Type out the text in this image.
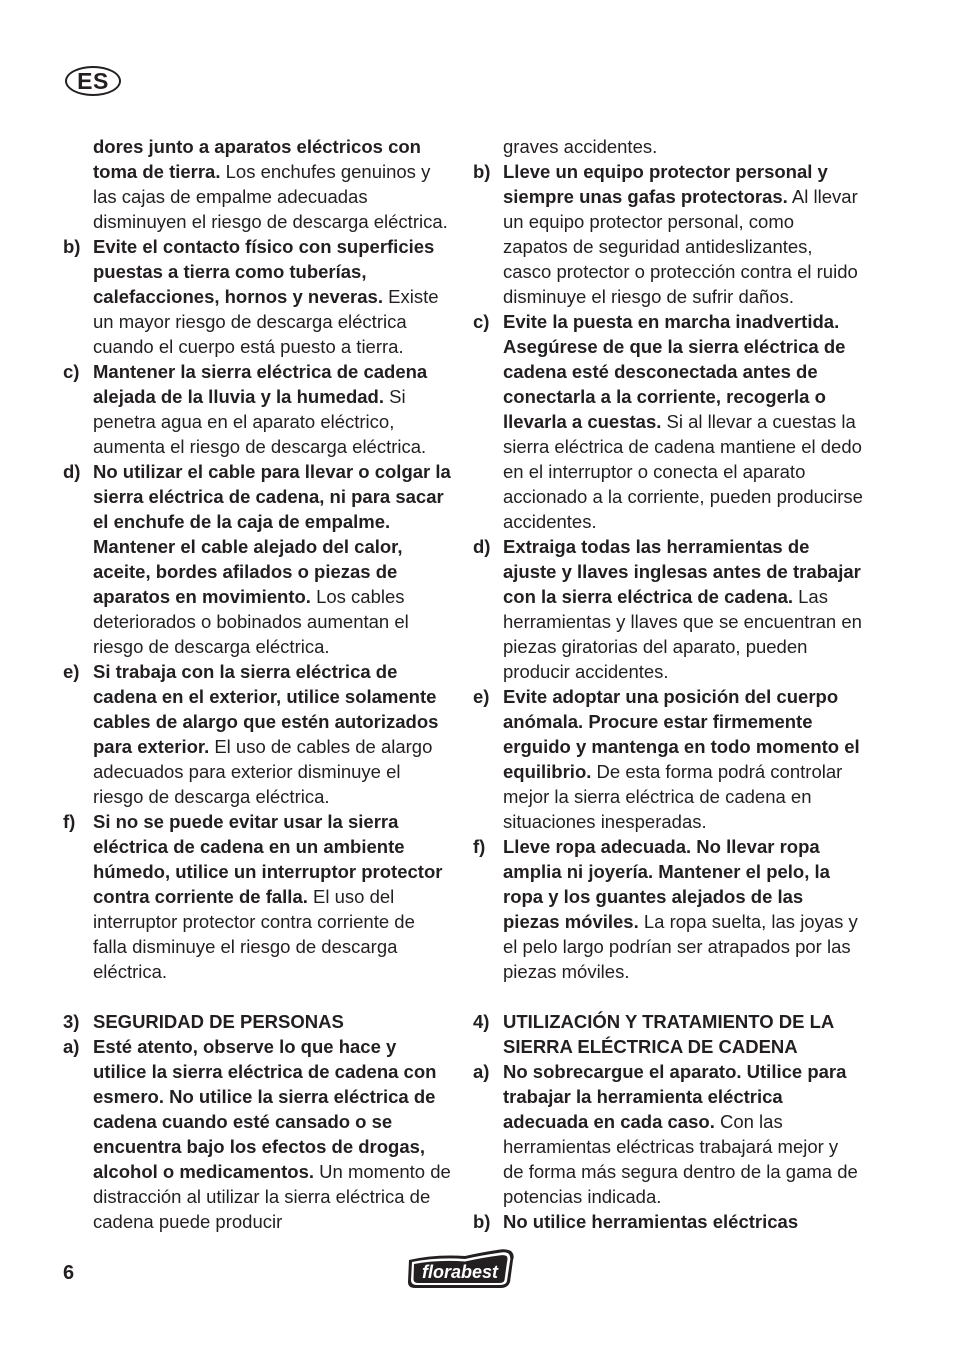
ES
dores junto a aparatos eléctricos con toma de tierra. Los enchufes genuinos y las cajas de empalme adecuadas disminuyen el riesgo de descarga eléctrica.
b) Evite el contacto físico con superficies puestas a tierra como tuberías, calefacciones, hornos y neveras. Existe un mayor riesgo de descarga eléctrica cuando el cuerpo está puesto a tierra.
c) Mantener la sierra eléctrica de cadena alejada de la lluvia y la humedad. Si penetra agua en el aparato eléctrico, aumenta el riesgo de descarga eléctrica.
d) No utilizar el cable para llevar o colgar la sierra eléctrica de cadena, ni para sacar el enchufe de la caja de empalme. Mantener el cable alejado del calor, aceite, bordes afilados o piezas de aparatos en movimiento. Los cables deteriorados o bobinados aumentan el riesgo de descarga eléctrica.
e) Si trabaja con la sierra eléctrica de cadena en el exterior, utilice solamente cables de alargo que estén autorizados para exterior. El uso de cables de alargo adecuados para exterior disminuye el riesgo de descarga eléctrica.
f) Si no se puede evitar usar la sierra eléctrica de cadena en un ambiente húmedo, utilice un interruptor protector contra corriente de falla. El uso del interruptor protector contra corriente de falla disminuye el riesgo de descarga eléctrica.
3) SEGURIDAD DE PERSONAS
a) Esté atento, observe lo que hace y utilice la sierra eléctrica de cadena con esmero. No utilice la sierra eléctrica de cadena cuando esté cansado o se encuentra bajo los efectos de drogas, alcohol o medicamentos. Un momento de distracción al utilizar la sierra eléctrica de cadena puede producir
graves accidentes.
b) Lleve un equipo protector personal y siempre unas gafas protectoras. Al llevar un equipo protector personal, como zapatos de seguridad antideslizantes, casco protector o protección contra el ruido disminuye el riesgo de sufrir daños.
c) Evite la puesta en marcha inadvertida. Asegúrese de que la sierra eléctrica de cadena esté desconectada antes de conectarla a la corriente, recogerla o llevarla a cuestas. Si al llevar a cuestas la sierra eléctrica de cadena mantiene el dedo en el interruptor o conecta el aparato accionado a la corriente, pueden producirse accidentes.
d) Extraiga todas las herramientas de ajuste y llaves inglesas antes de trabajar con la sierra eléctrica de cadena. Las herramientas y llaves que se encuentran en piezas giratorias del aparato, pueden producir accidentes.
e) Evite adoptar una posición del cuerpo anómala. Procure estar firmemente erguido y mantenga en todo momento el equilibrio. De esta forma podrá controlar mejor la sierra eléctrica de cadena en situaciones inesperadas.
f) Lleve ropa adecuada. No llevar ropa amplia ni joyería. Mantener el pelo, la ropa y los guantes alejados de las piezas móviles. La ropa suelta, las joyas y el pelo largo podrían ser atrapados por las piezas móviles.
4) UTILIZACIÓN Y TRATAMIENTO DE LA SIERRA ELÉCTRICA DE CADENA
a) No sobrecargue el aparato. Utilice para trabajar la herramienta eléctrica adecuada en cada caso. Con las herramientas eléctricas trabajará mejor y de forma más segura dentro de la gama de potencias indicada.
b) No utilice herramientas eléctricas
6	florabest
